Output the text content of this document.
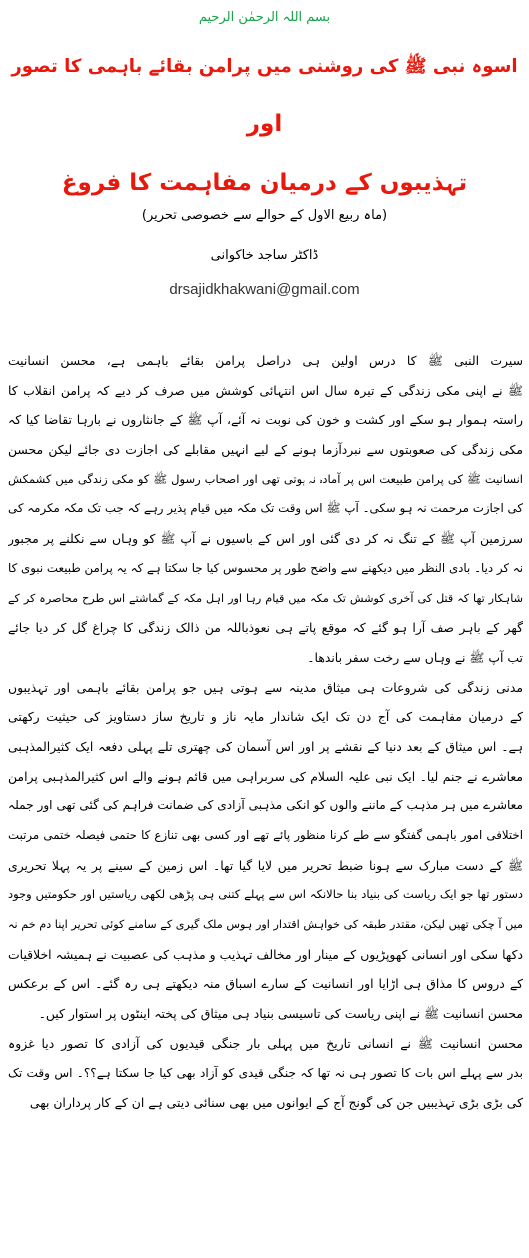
بسم اللہ الرحمٰن الرحیم
اسوہ نبی ﷺ کی روشنی میں پرامن بقائے باہمی کا تصور
اور
تہذیبوں کے درمیان مفاہمت کا فروغ
(ماہ ربیع الاول کے حوالے سے خصوصی تحریر)
ڈاکٹر ساجد خاکوانی
drsajidkhakwani@gmail.com
سیرت النبی ﷺ کا درس اولین ہی دراصل پرامن بقائے باہمی ہے، محسن انسانیت
ﷺ نے اپنی مکی زندگی کے تیرہ سال اس انتہائی کوشش میں صرف کر دیے کہ پرامن انقلاب کا
راستہ ہموار ہو سکے اور کشت و خون کی نوبت نہ آئے، آپ ﷺ کے جانثاروں نے بارہا تقاضا کیا کہ
مکی زندگی کی صعوبتوں سے نبردآزما ہونے کے لیے انہیں مقابلے کی اجازت دی جائے لیکن محسن
انسانیت ﷺ کی پرامن طبیعت اس پر آمادہ نہ ہوتی تھی اور اصحاب رسول ﷺ کو مکی زندگی میں کشمکش
کی اجازت مرحمت نہ ہو سکی۔ آپ ﷺ اس وقت تک مکہ میں قیام پذیر رہے کہ جب تک مکہ مکرمہ کی
سرزمین آپ ﷺ کے تنگ نہ کر دی گئی اور اس کے باسیوں نے آپ ﷺ کو وہاں سے نکلنے پر مجبور
نہ کر دیا۔ بادی النظر میں دیکھنے سے واضح طور پر محسوس کیا جا سکتا ہے کہ یہ پرامن طبیعت نبوی کا
شاہکار تھا کہ قتل کی آخری کوشش تک مکہ میں قیام رہا اور اہل مکہ کے گماشتے اس طرح محاصرہ کر کے
گھر کے باہر صف آرا ہو گئے کہ موقع پاتے ہی نعوذباللہ من ذالک زندگی کا چراغ گل کر دیا جائے
تب آپ ﷺ نے وہاں سے رخت سفر باندھا۔
مدنی زندگی کی شروعات ہی میثاق مدینہ سے ہوتی ہیں جو پرامن بقائے باہمی اور تہذیبوں
کے درمیان مفاہمت کی آج دن تک ایک شاندار مایہ ناز و تاریخ ساز دستاویز کی حیثیت رکھتی
ہے۔ اس میثاق کے بعد دنیا کے نقشے پر اور اس آسمان کی چھتری تلے پہلی دفعہ ایک کثیرالمذہبی
معاشرے نے جنم لیا۔ ایک نبی علیہ السلام کی سربراہی میں قائم ہونے والے اس کثیرالمذہبی پرامن
معاشرے میں ہر مذہب کے ماننے والوں کو انکی مذہبی آزادی کی ضمانت فراہم کی گئی تھی اور جملہ
اختلافی امور باہمی گفتگو سے طے کرنا منظور پائے تھے اور کسی بھی تنازع کا حتمی فیصلہ ختمی مرتبت
ﷺ کے دست مبارک سے ہونا ضبط تحریر میں لایا گیا تھا۔ اس زمین کے سینے پر یہ پہلا تحریری
دستور تھا جو ایک ریاست کی بنیاد بنا حالانکہ اس سے پہلے کتنی ہی پڑھی لکھی ریاستیں اور حکومتیں وجود
میں آ چکی تھیں لیکن، مقتدر طبقہ کی خواہش اقتدار اور ہوس ملک گیری کے سامنے کوئی تحریر اپنا دم خم نہ
دکھا سکی اور انسانی کھوپڑیوں کے مینار اور مخالف تہذیب و مذہب کی عصبیت نے ہمیشہ اخلاقیات
کے دروس کا مذاق ہی اڑایا اور انسانیت کے سارے اسباق منہ دیکھتے ہی رہ گئے۔ اس کے برعکس
محسن انسانیت ﷺ نے اپنی ریاست کی تاسیسی بنیاد ہی میثاق کی پختہ اینٹوں پر استوار کیں۔
محسن انسانیت ﷺ نے انسانی تاریخ میں پہلی بار جنگی قیدیوں کی آزادی کا تصور دیا غزوہ
بدر سے پہلے اس بات کا تصور ہی نہ تھا کہ جنگی قیدی کو آزاد بھی کیا جا سکتا ہے؟؟۔ اس وقت تک
کی بڑی بڑی تہذیبیں جن کی گونج آج کے ایوانوں میں بھی سنائی دیتی ہے ان کے کار پرداران بھی
